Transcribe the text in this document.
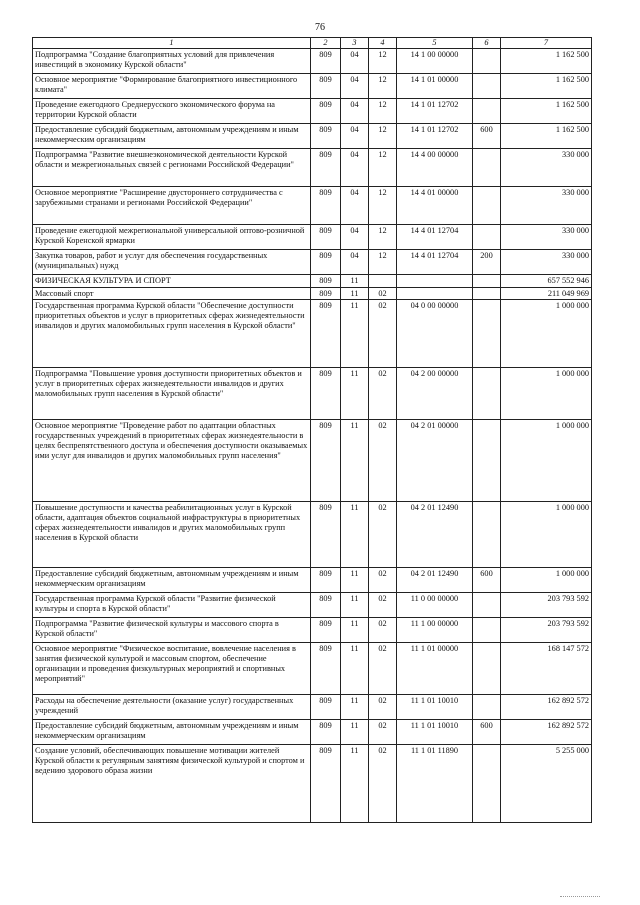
76
1	2	3	4	5	6	7
Подпрограмма "Создание благоприятных условий для привлечения инвестиций в экономику Курской области"	809	04	12	14 1 00 00000		1 162 500
Основное мероприятие "Формирование благоприятного инвестиционного климата"	809	04	12	14 1 01 00000		1 162 500
Проведение ежегодного Среднерусского экономического форума на территории Курской области	809	04	12	14 1 01 12702		1 162 500
Предоставление субсидий бюджетным, автономным учреждениям и иным некоммерческим организациям	809	04	12	14 1 01 12702	600	1 162 500
Подпрограмма "Развитие внешнеэкономической деятельности Курской области и межрегиональных связей с регионами Российской Федерации"	809	04	12	14 4 00 00000		330 000
Основное мероприятие "Расширение двустороннего сотрудничества с зарубежными странами и регионами Российской Федерации"	809	04	12	14 4 01 00000		330 000
Проведение ежегодной межрегиональной универсальной оптово-розничной Курской Коренской ярмарки	809	04	12	14 4 01 12704		330 000
Закупка товаров, работ и услуг для обеспечения государственных (муниципальных) нужд	809	04	12	14 4 01 12704	200	330 000
ФИЗИЧЕСКАЯ КУЛЬТУРА И СПОРТ	809	11				657 552 946
Массовый спорт	809	11	02			211 049 969
Государственная программа Курской области "Обеспечение доступности приоритетных объектов и услуг в приоритетных сферах жизнедеятельности инвалидов и других маломобильных групп населения в Курской области"	809	11	02	04 0 00 00000		1 000 000
Подпрограмма "Повышение уровня доступности приоритетных объектов и услуг в приоритетных сферах жизнедеятельности инвалидов и других маломобильных групп населения в Курской области"	809	11	02	04 2 00 00000		1 000 000
Основное мероприятие "Проведение работ по адаптации областных государственных учреждений в приоритетных сферах жизнедеятельности в целях беспрепятственного доступа и обеспечения доступности оказываемых ими услуг для инвалидов и других маломобильных групп населения"	809	11	02	04 2 01 00000		1 000 000
Повышение доступности и качества реабилитационных услуг в Курской области, адаптация объектов социальной инфраструктуры в приоритетных сферах жизнедеятельности инвалидов и других маломобильных групп населения в Курской области	809	11	02	04 2 01 12490		1 000 000
Предоставление субсидий бюджетным, автономным учреждениям и иным некоммерческим организациям	809	11	02	04 2 01 12490	600	1 000 000
Государственная программа Курской области "Развитие физической культуры и спорта в Курской области"	809	11	02	11 0 00 00000		203 793 592
Подпрограмма "Развитие физической культуры и массового спорта в Курской области"	809	11	02	11 1 00 00000		203 793 592
Основное мероприятие "Физическое воспитание, вовлечение населения в занятия физической культурой и массовым спортом, обеспечение организации и проведения физкультурных мероприятий и спортивных мероприятий"	809	11	02	11 1 01 00000		168 147 572
Расходы на обеспечение деятельности (оказание услуг) государственных учреждений	809	11	02	11 1 01 10010		162 892 572
Предоставление субсидий бюджетным, автономным учреждениям и иным некоммерческим организациям	809	11	02	11 1 01 10010	600	162 892 572
Создание условий, обеспечивающих повышение мотивации жителей Курской области к регулярным занятиям физической культурой и спортом и ведению здорового образа жизни	809	11	02	11 1 01 11890		5 255 000
